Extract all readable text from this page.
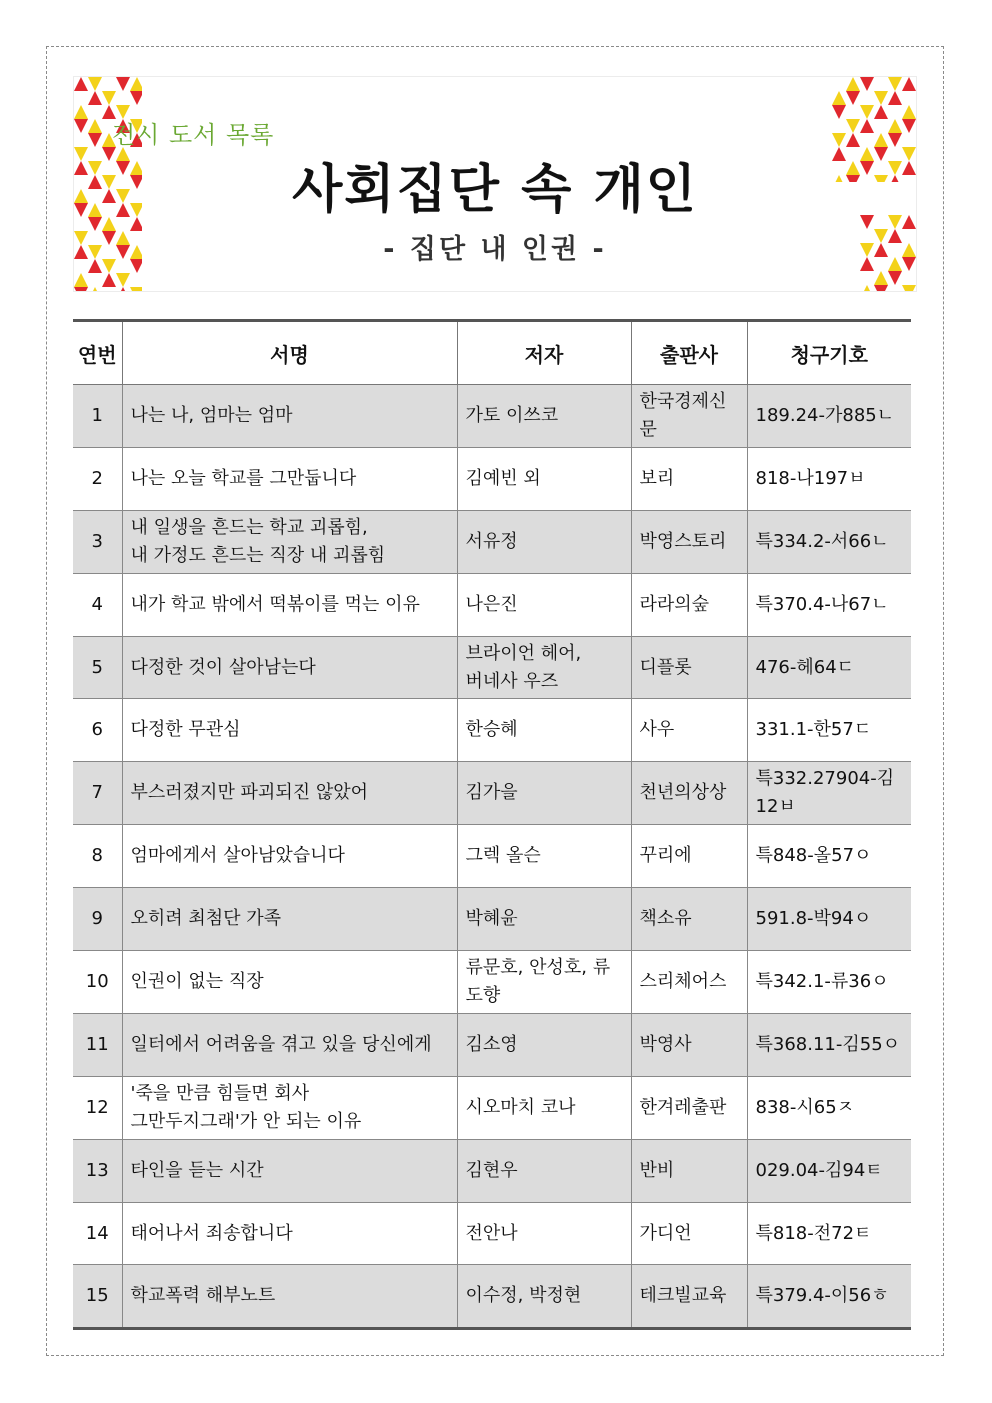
전시 도서 목록
사회집단 속 개인
- 집단 내 인권 -
연번	서명	저자	출판사	청구기호
1	나는 나, 엄마는 엄마	가토 이쓰코	한국경제신문	189.24-가885ㄴ
2	나는 오늘 학교를 그만둡니다	김예빈 외	보리	818-나197ㅂ
3	내 일생을 흔드는 학교 괴롭힘,
내 가정도 흔드는 직장 내 괴롭힘	서유정	박영스토리	특334.2-서66ㄴ
4	내가 학교 밖에서 떡볶이를 먹는 이유	나은진	라라의숲	특370.4-나67ㄴ
5	다정한 것이 살아남는다	브라이언 헤어,
버네사 우즈	디플롯	476-헤64ㄷ
6	다정한 무관심	한승혜	사우	331.1-한57ㄷ
7	부스러졌지만 파괴되진 않았어	김가을	천년의상상	특332.27904-김12ㅂ
8	엄마에게서 살아남았습니다	그렉 올슨	꾸리에	특848-올57ㅇ
9	오히려 최첨단 가족	박혜윤	책소유	591.8-박94ㅇ
10	인권이 없는 직장	류문호, 안성호, 류도향	스리체어스	특342.1-류36ㅇ
11	일터에서 어려움을 겪고 있을 당신에게	김소영	박영사	특368.11-김55ㅇ
12	'죽을 만큼 힘들면 회사
그만두지그래'가 안 되는 이유	시오마치 코나	한겨레출판	838-시65ㅈ
13	타인을 듣는 시간	김현우	반비	029.04-김94ㅌ
14	태어나서 죄송합니다	전안나	가디언	특818-전72ㅌ
15	학교폭력 해부노트	이수정, 박정현	테크빌교육	특379.4-이56ㅎ
